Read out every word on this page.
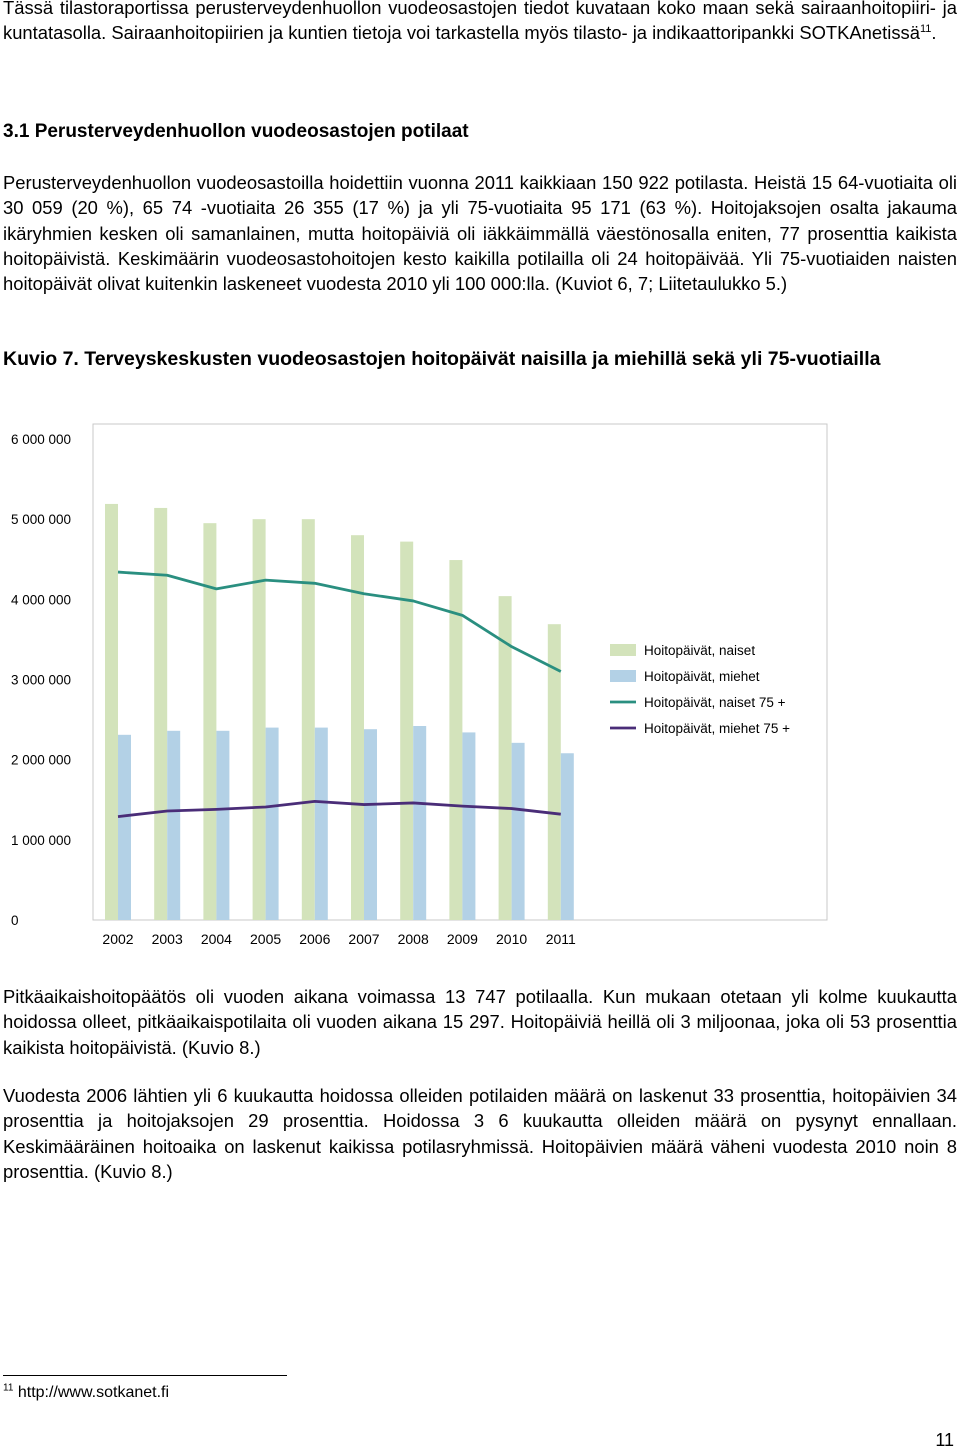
Tässä tilastoraportissa perusterveydenhuollon vuodeosastojen tiedot kuvataan koko maan sekä sairaanhoitopiiri- ja kuntatasolla. Sairaanhoitopiirien ja kuntien tietoja voi tarkastella myös tilasto- ja indikaattoripankki SOTKAnetissä$^{11}$.

3.1 Perusterveydenhuollon vuodeosastojen potilaat

Perusterveydenhuollon vuodeosastoilla hoidettiin vuonna 2011 kaikkiaan 150 922 potilasta. Heistä 15 64-vuotiaita oli 30 059 (20 %), 65 74 -vuotiaita 26 355 (17 %) ja yli 75-vuotiaita 95 171 (63 %). Hoitojaksojen osalta jakauma ikäryhmien kesken oli samanlainen, mutta hoitopäiviä oli iäkkäimmällä väestönosalla eniten, 77 prosenttia kaikista hoitopäivistä. Keskimäärin vuodeosastohoitojen kesto kaikilla potilailla oli 24 hoitopäivää. Yli 75-vuotiaiden naisten hoitopäivät olivat kuitenkin laskeneet vuodesta 2010 yli 100 000:lla. (Kuviot 6, 7; Liitetaulukko 5.)

Kuvio 7. Terveyskeskusten vuodeosastojen hoitopäivät naisilla ja miehillä sekä yli 75-vuotiailla

6 000 000
5 000 000
4 000 000
3 000 000
2 000 000
1 000 000
0
2002 2003 2004 2005 2006 2007 2008 2009 2010 2011
Hoitopäivät, naiset
Hoitopäivät, miehet
Hoitopäivät, naiset 75 +
Hoitopäivät, miehet 75 +

Pitkäaikaishoitopäätös oli vuoden aikana voimassa 13 747 potilaalla. Kun mukaan otetaan yli kolme kuukautta hoidossa olleet, pitkäaikaispotilaita oli vuoden aikana 15 297. Hoitopäiviä heillä oli 3 miljoonaa, joka oli 53 prosenttia kaikista hoitopäivistä. (Kuvio 8.)

Vuodesta 2006 lähtien yli 6 kuukautta hoidossa olleiden potilaiden määrä on laskenut 33 prosenttia, hoitopäivien 34 prosenttia ja hoitojaksojen 29 prosenttia. Hoidossa 3 6 kuukautta olleiden määrä on pysynyt ennallaan. Keskimääräinen hoitoaika on laskenut kaikissa potilasryhmissä. Hoitopäivien määrä väheni vuodesta 2010 noin 8 prosenttia. (Kuvio 8.)

$^{11}$ http://www.sotkanet.fi
11
